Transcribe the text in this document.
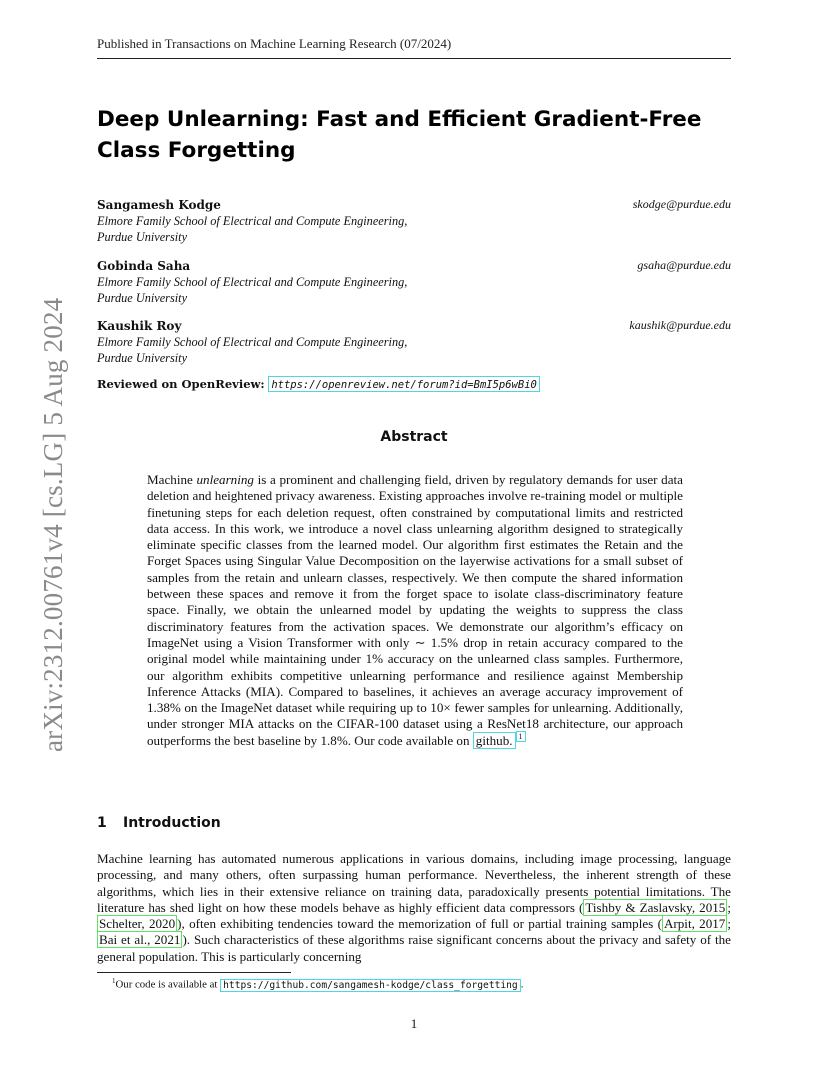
Published in Transactions on Machine Learning Research (07/2024)
arXiv:2312.00761v4 [cs.LG] 5 Aug 2024
Deep Unlearning: Fast and Efficient Gradient-Free Class Forgetting
Sangamesh Kodge	skodge@purdue.edu
Elmore Family School of Electrical and Compute Engineering,
Purdue University
Gobinda Saha	gsaha@purdue.edu
Elmore Family School of Electrical and Compute Engineering,
Purdue University
Kaushik Roy	kaushik@purdue.edu
Elmore Family School of Electrical and Compute Engineering,
Purdue University
Reviewed on OpenReview: https://openreview.net/forum?id=BmI5p6wBi0
Abstract

Machine unlearning is a prominent and challenging field, driven by regulatory demands for user data deletion and heightened privacy awareness. Existing approaches involve re-training model or multiple finetuning steps for each deletion request, often constrained by computational limits and restricted data access. In this work, we introduce a novel class unlearning algorithm designed to strategically eliminate specific classes from the learned model. Our algorithm first estimates the Retain and the Forget Spaces using Singular Value Decomposition on the layerwise activations for a small subset of samples from the retain and unlearn classes, respectively. We then compute the shared information between these spaces and remove it from the forget space to isolate class-discriminatory feature space. Finally, we obtain the unlearned model by updating the weights to suppress the class discriminatory features from the activation spaces. We demonstrate our algorithm’s efficacy on ImageNet using a Vision Transformer with only ∼ 1.5% drop in retain accuracy compared to the original model while maintaining under 1% accuracy on the unlearned class samples. Furthermore, our algorithm exhibits competitive unlearning performance and resilience against Membership Inference Attacks (MIA). Compared to baselines, it achieves an average accuracy improvement of 1.38% on the ImageNet dataset while requiring up to 10× fewer samples for unlearning. Additionally, under stronger MIA attacks on the CIFAR-100 dataset using a ResNet18 architecture, our approach outperforms the best baseline by 1.8%. Our code available on github. $^1$

1 Introduction

Machine learning has automated numerous applications in various domains, including image processing, language processing, and many others, often surpassing human performance. Nevertheless, the inherent strength of these algorithms, which lies in their extensive reliance on training data, paradoxically presents potential limitations. The literature has shed light on how these models behave as highly efficient data compressors ( Tishby & Zaslavsky, 2015 ; Schelter, 2020 ), often exhibiting tendencies toward the memorization of full or partial training samples ( Arpit, 2017 ; Bai et al., 2021 ). Such characteristics of these algorithms raise significant concerns about the privacy and safety of the general population. This is particularly concerning

$^1$Our code is available at https://github.com/sangamesh-kodge/class_forgetting .
1
